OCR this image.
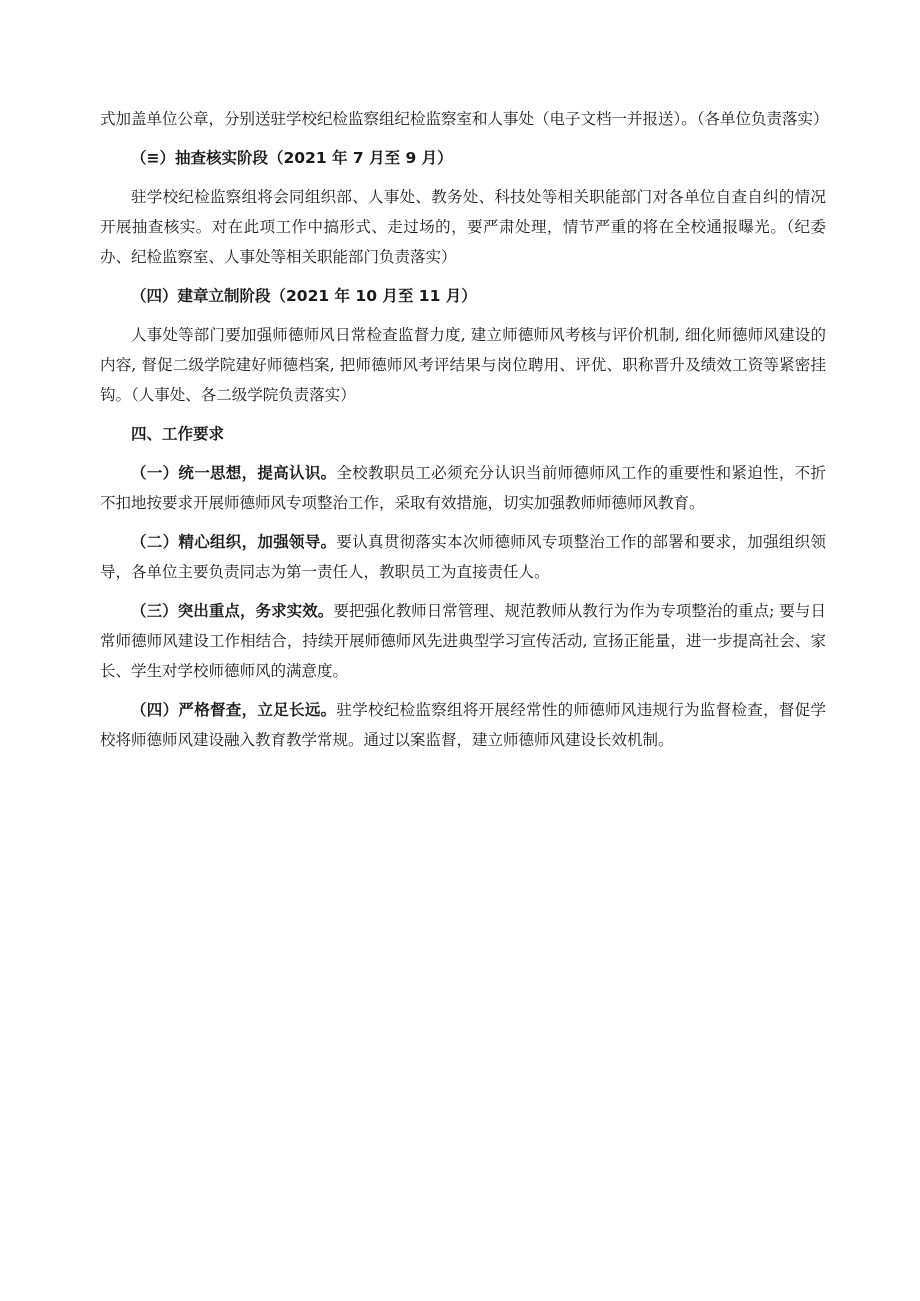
式加盖单位公章，分别送驻学校纪检监察组纪检监察室和人事处（电子文档一并报送）。（各单位负责落实）

（≡）抽查核实阶段（2021 年 7 月至 9 月）

驻学校纪检监察组将会同组织部、人事处、教务处、科技处等相关职能部门对各单位自查自纠的情况开展抽查核实。对在此项工作中搞形式、走过场的，要严肃处理，情节严重的将在全校通报曝光。（纪委办、纪检监察室、人事处等相关职能部门负责落实）

（四）建章立制阶段（2021 年 10 月至 11 月）

人事处等部门要加强师德师风日常检查监督力度, 建立师德师风考核与评价机制, 细化师德师风建设的内容, 督促二级学院建好师德档案, 把师德师风考评结果与岗位聘用、评优、职称晋升及绩效工资等紧密挂钩。（人事处、各二级学院负责落实）

四、工作要求

（一）统一思想，提高认识。全校教职员工必须充分认识当前师德师风工作的重要性和紧迫性，不折不扣地按要求开展师德师风专项整治工作，采取有效措施，切实加强教师师德师风教育。

（二）精心组织，加强领导。要认真贯彻落实本次师德师风专项整治工作的部署和要求，加强组织领导，各单位主要负责同志为第一责任人，教职员工为直接责任人。

（三）突出重点，务求实效。要把强化教师日常管理、规范教师从教行为作为专项整治的重点; 要与日常师德师风建设工作相结合，持续开展师德师风先进典型学习宣传活动, 宣扬正能量，进一步提高社会、家长、学生对学校师德师风的满意度。

（四）严格督查，立足长远。驻学校纪检监察组将开展经常性的师德师风违规行为监督检查，督促学校将师德师风建设融入教育教学常规。通过以案监督，建立师德师风建设长效机制。
